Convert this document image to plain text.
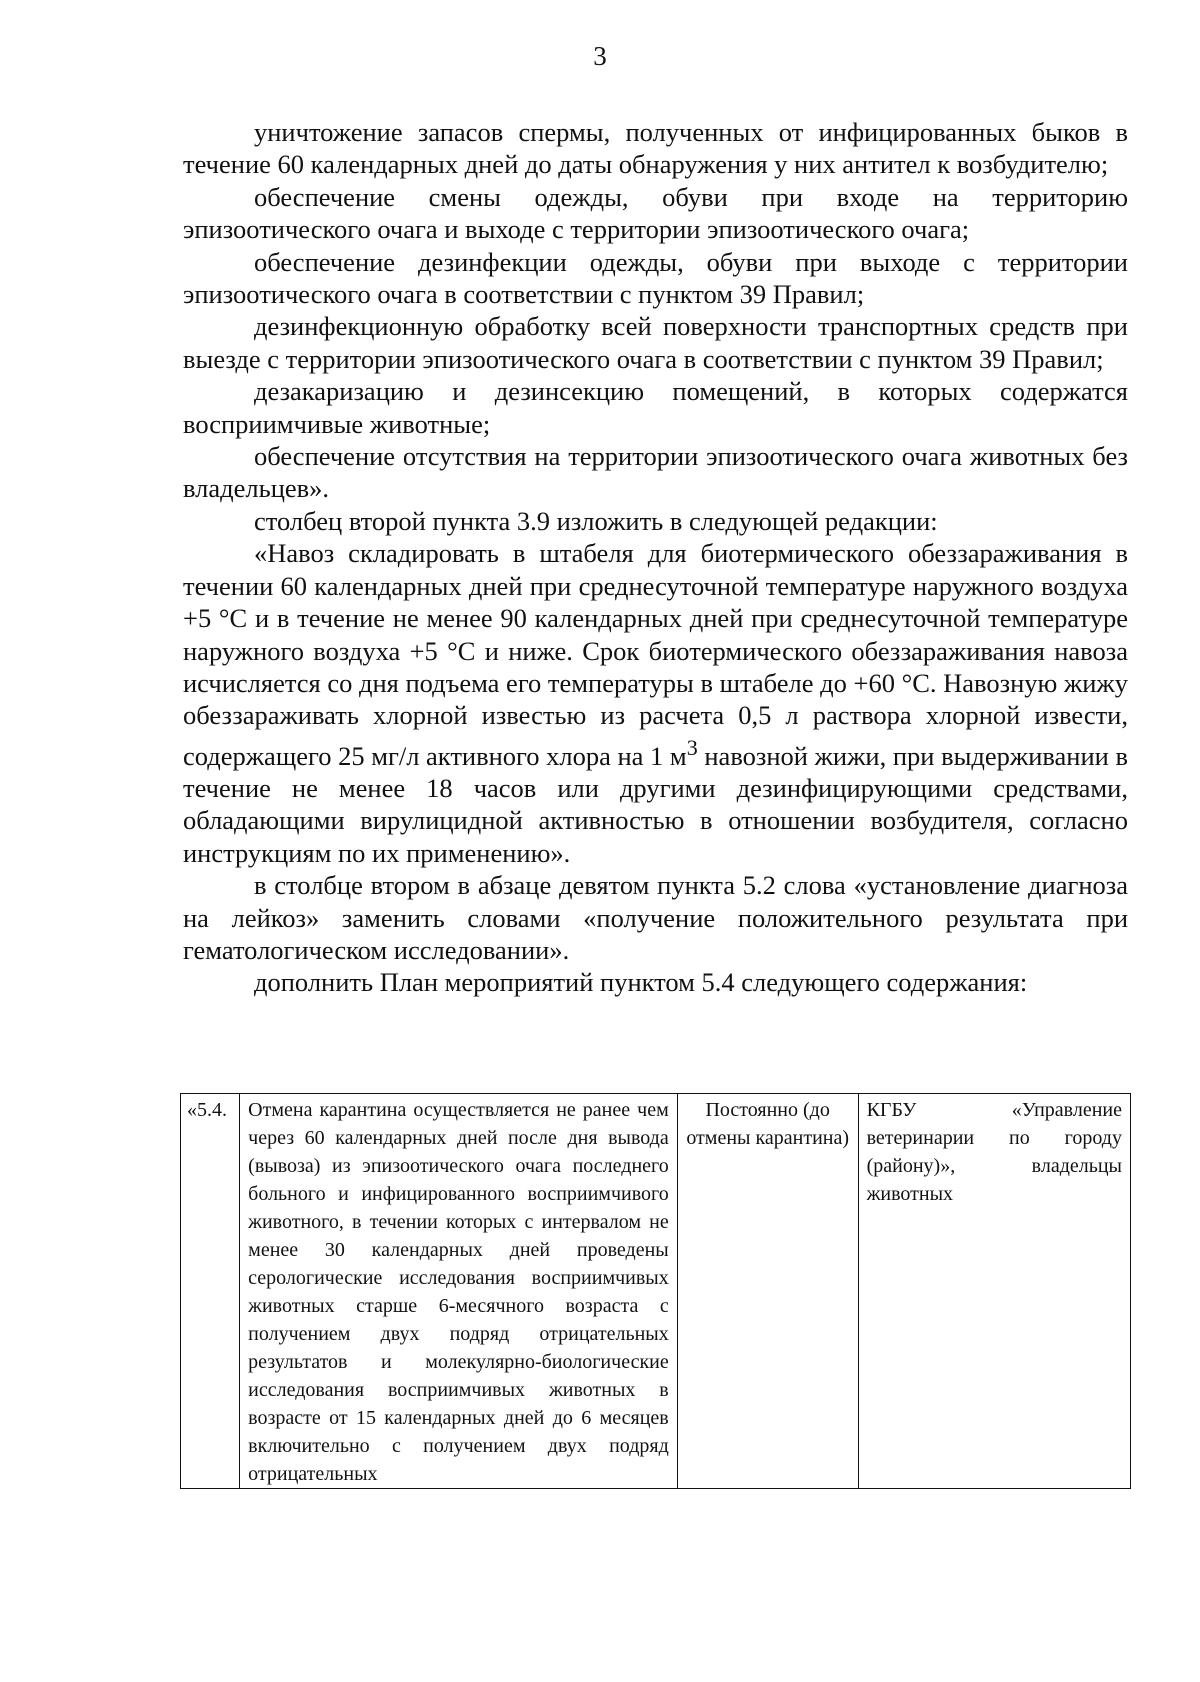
3

уничтожение запасов спермы, полученных от инфицированных быков в течение 60 календарных дней до даты обнаружения у них антител к возбудителю;

обеспечение смены одежды, обуви при входе на территорию эпизоотического очага и выходе с территории эпизоотического очага;

обеспечение дезинфекции одежды, обуви при выходе с территории эпизоотического очага в соответствии с пунктом 39 Правил;

дезинфекционную обработку всей поверхности транспортных средств при выезде с территории эпизоотического очага в соответствии с пунктом 39 Правил;

дезакаризацию и дезинсекцию помещений, в которых содержатся восприимчивые животные;

обеспечение отсутствия на территории эпизоотического очага животных без владельцев».

столбец второй пункта 3.9 изложить в следующей редакции:

«Навоз складировать в штабеля для биотермического обеззараживания в течении 60 календарных дней при среднесуточной температуре наружного воздуха +5 °С и в течение не менее 90 календарных дней при среднесуточной температуре наружного воздуха +5 °С и ниже. Срок биотермического обеззараживания навоза исчисляется со дня подъема его температуры в штабеле до +60 °С. Навозную жижу обеззараживать хлорной известью из расчета 0,5 л раствора хлорной извести, содержащего 25 мг/л активного хлора на 1 $м^3$ навозной жижи, при выдерживании в течение не менее 18 часов или другими дезинфицирующими средствами, обладающими вирулицидной активностью в отношении возбудителя, согласно инструкциям по их применению».

в столбце втором в абзаце девятом пункта 5.2 слова «установление диагноза на лейкоз» заменить словами «получение положительного результата при гематологическом исследовании».

дополнить План мероприятий пунктом 5.4 следующего содержания:

«5.4.	Отмена карантина осуществляется не ранее чем через 60 календарных дней после дня вывода (вывоза) из эпизоотического очага последнего больного и инфицированного восприимчивого животного, в течении которых с интервалом не менее 30 календарных дней проведены серологические исследования восприимчивых животных старше 6-месячного возраста с получением двух подряд отрицательных результатов и молекулярно-биологические исследования восприимчивых животных в возрасте от 15 календарных дней до 6 месяцев включительно с получением двух подряд отрицательных	Постоянно (до отмены карантина)	КГБУ «Управление ветеринарии по городу (району)», владельцы животных
